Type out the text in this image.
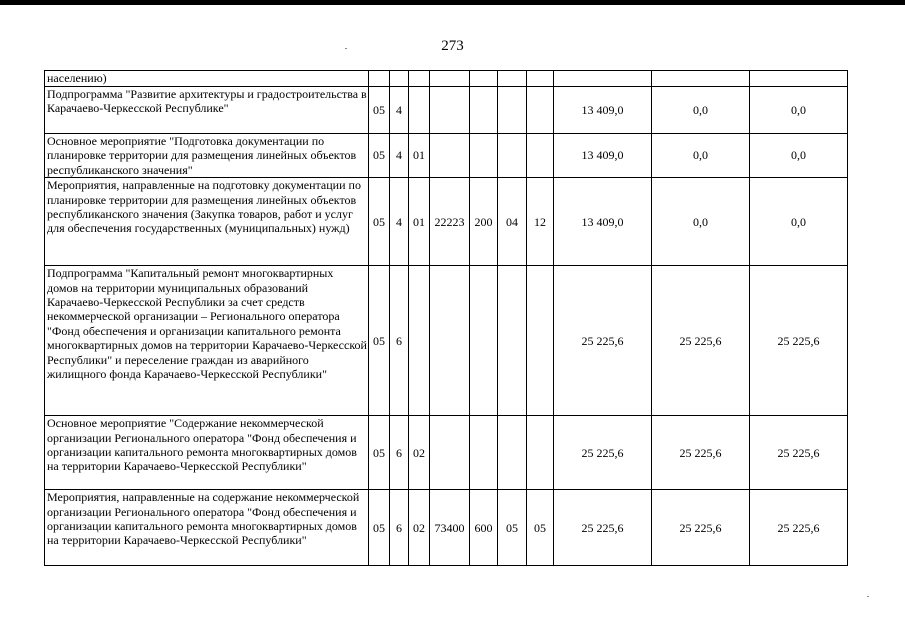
273
населению)										
Подпрограмма "Развитие архитектуры и градостроительства в Карачаево-Черкесской Республике"	05	4						13 409,0	0,0	0,0
Основное мероприятие "Подготовка документации по планировке территории для размещения линейных объектов республиканского значения"	05	4	01					13 409,0	0,0	0,0
Мероприятия, направленные на подготовку документации по планировке территории для размещения линейных объектов республиканского значения (Закупка товаров, работ и услуг для обеспечения государственных (муниципальных) нужд)	05	4	01	22223	200	04	12	13 409,0	0,0	0,0
Подпрограмма "Капитальный ремонт многоквартирных домов на территории муниципальных образований Карачаево-Черкесской Республики за счет средств некоммерческой организации – Регионального оператора "Фонд обеспечения и организации капитального ремонта многоквартирных домов на территории Карачаево-Черкесской Республики" и переселение граждан из аварийного жилищного фонда Карачаево-Черкесской Республики"	05	6						25 225,6	25 225,6	25 225,6
Основное мероприятие "Содержание некоммерческой организации Регионального оператора "Фонд обеспечения и организации капитального ремонта многоквартирных домов на территории Карачаево-Черкесской Республики"	05	6	02					25 225,6	25 225,6	25 225,6
Мероприятия, направленные на содержание некоммерческой организации Регионального оператора "Фонд обеспечения и организации капитального ремонта многоквартирных домов на территории Карачаево-Черкесской Республики"	05	6	02	73400	600	05	05	25 225,6	25 225,6	25 225,6
